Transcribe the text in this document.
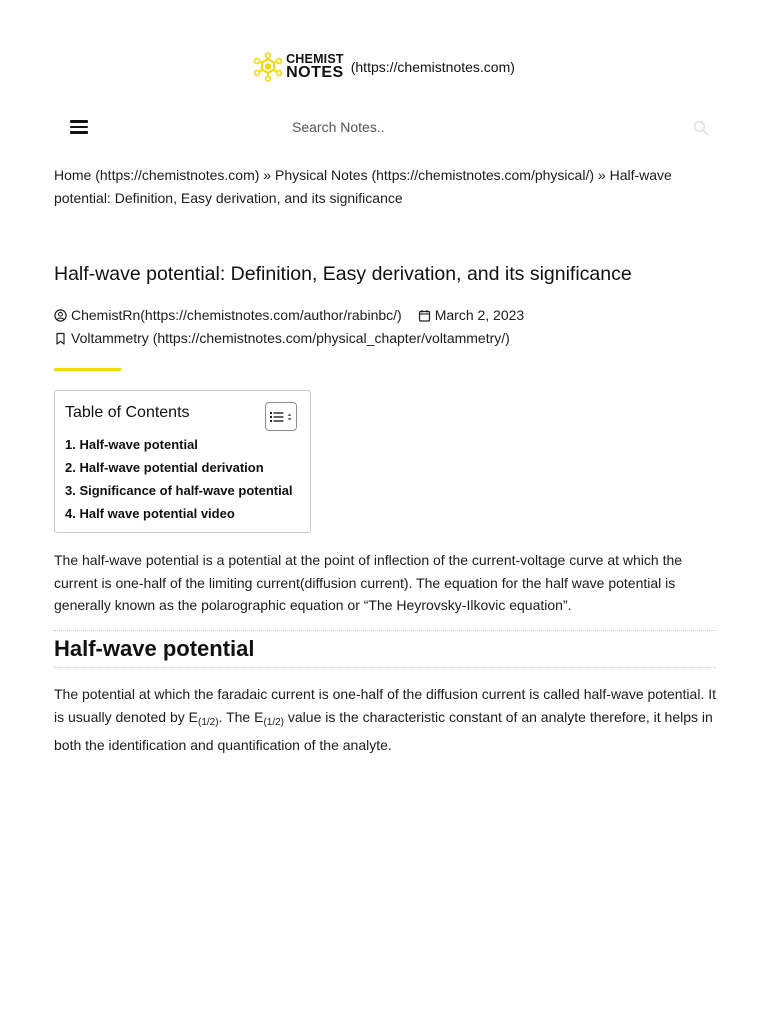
CHEMIST
NOTES (https://chemistnotes.com)
Search Notes..
Home (https://chemistnotes.com) » Physical Notes (https://chemistnotes.com/physical/) » Half-wave potential: Definition, Easy derivation, and its significance
Half-wave potential: Definition, Easy derivation, and its significance
ChemistRn(https://chemistnotes.com/author/rabinbc/) March 2, 2023
Voltammetry (https://chemistnotes.com/physical_chapter/voltammetry/)
Table of Contents
1. Half-wave potential
2. Half-wave potential derivation
3. Significance of half-wave potential
4. Half wave potential video

The half-wave potential is a potential at the point of inflection of the current-voltage curve at which the current is one-half of the limiting current(diffusion current). The equation for the half wave potential is generally known as the polarographic equation or “The Heyrovsky-Ilkovic equation”.

Half-wave potential

The potential at which the faradaic current is one-half of the diffusion current is called half-wave potential. It is usually denoted by $E_{(1/2)}$. The $E_{(1/2)}$ value is the characteristic constant of an analyte therefore, it helps in both the identification and quantification of the analyte.
